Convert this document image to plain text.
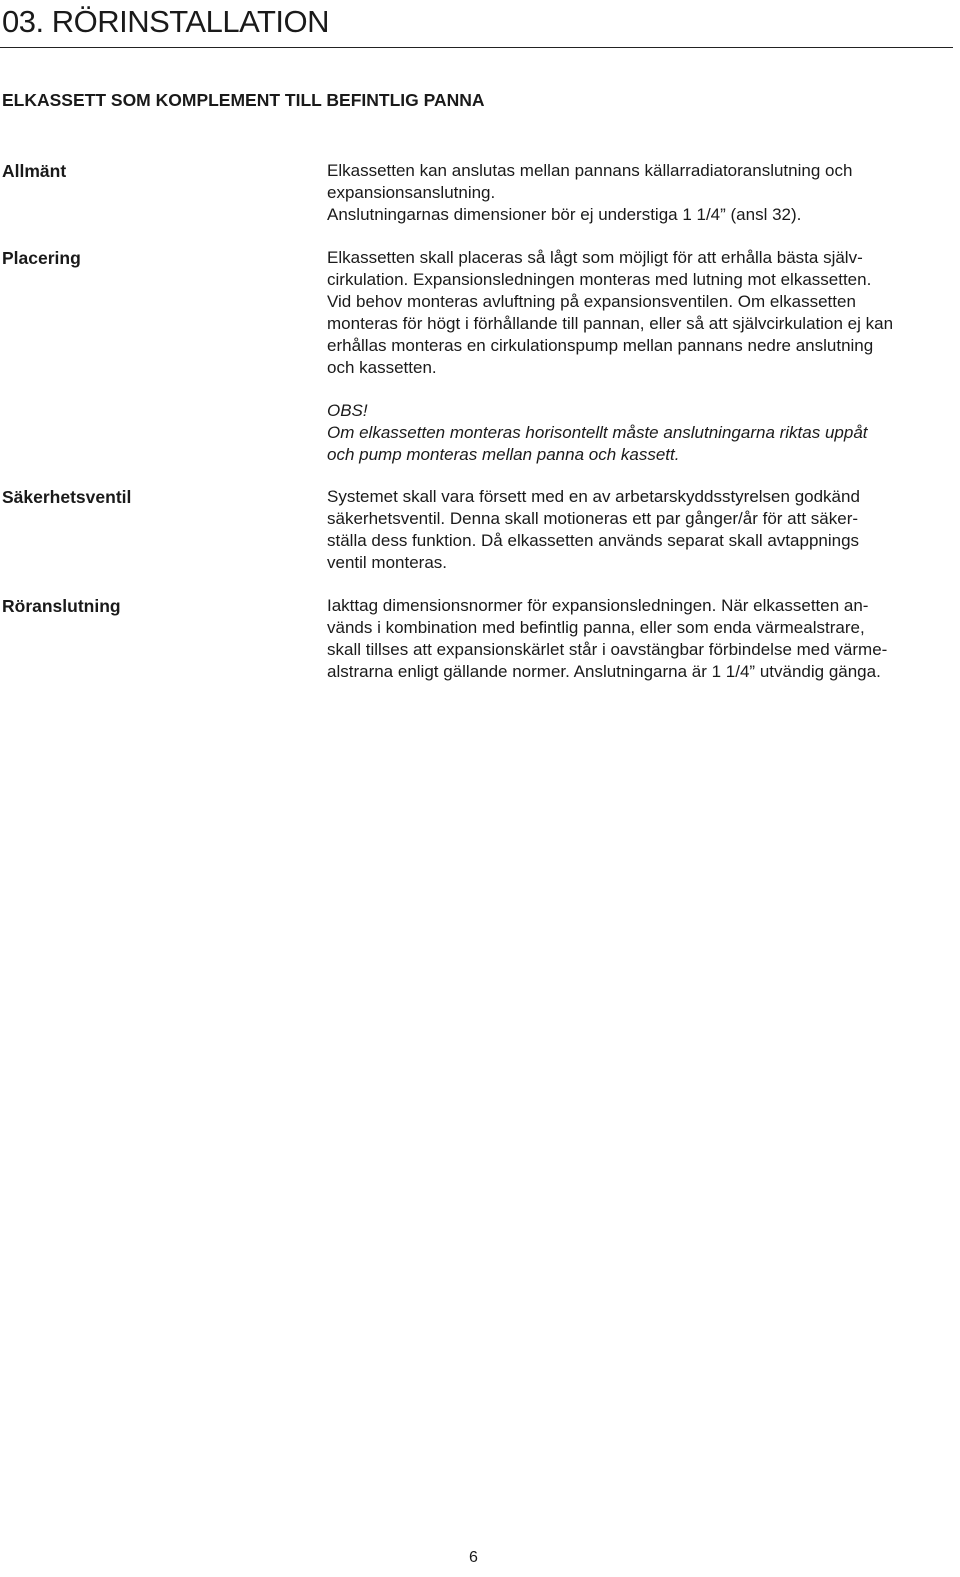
03. RÖRINSTALLATION
ELKASSETT SOM KOMPLEMENT TILL BEFINTLIG PANNA
Allmänt	Elkassetten kan anslutas mellan pannans källarradiatoranslutning och
expansionsanslutning.
Anslutningarnas dimensioner bör ej understiga 1 1/4” (ansl 32).
Placering	Elkassetten skall placeras så lågt som möjligt för att erhålla bästa själv-
cirkulation. Expansionsledningen monteras med lutning mot elkassetten.
Vid behov monteras avluftning på expansionsventilen. Om elkassetten
monteras för högt i förhållande till pannan, eller så att självcirkulation ej kan
erhållas monteras en cirkulationspump mellan pannans nedre anslutning
och kassetten.
OBS!
Om elkassetten monteras horisontellt måste anslutningarna riktas uppåt
och pump monteras mellan panna och kassett.
Säkerhetsventil	Systemet skall vara försett med en av arbetarskyddsstyrelsen godkänd
säkerhetsventil. Denna skall motioneras ett par gånger/år för att säker-
ställa dess funktion. Då elkassetten används separat skall avtappnings
ventil monteras.
Röranslutning	Iakttag dimensionsnormer för expansionsledningen. När elkassetten an-
vänds i kombination med befintlig panna, eller som enda värmealstrare,
skall tillses att expansionskärlet står i oavstängbar förbindelse med värme-
alstrarna enligt gällande normer. Anslutningarna är 1 1/4” utvändig gänga.
6
